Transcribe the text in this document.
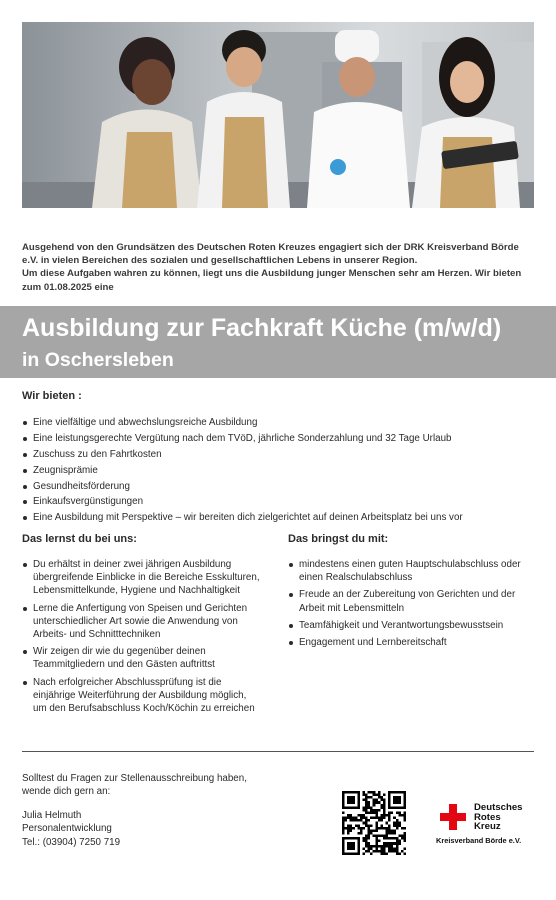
Ausgehend von den Grundsätzen des Deutschen Roten Kreuzes engagiert sich der DRK Kreisverband Börde e.V. in vielen Bereichen des sozialen und gesellschaftlichen Lebens in unserer Region.

Um diese Aufgaben wahren zu können, liegt uns die Ausbildung junger Menschen sehr am Herzen. Wir bieten zum 01.08.2025 eine

Ausbildung zur Fachkraft Küche (m/w/d)
in Oschersleben
Wir bieten :
Eine vielfältige und abwechslungsreiche Ausbildung
Eine leistungsgerechte Vergütung nach dem TVöD, jährliche Sonderzahlung und 32 Tage Urlaub
Zuschuss zu den Fahrtkosten
Zeugnisprämie
Gesundheitsförderung
Einkaufsvergünstigungen
Eine Ausbildung mit Perspektive – wir bereiten dich zielgerichtet auf deinen Arbeitsplatz bei uns vor
Das lernst du bei uns:
Du erhältst in deiner zwei jährigen Ausbildung übergreifende Einblicke in die Bereiche Esskulturen, Lebensmittelkunde, Hygiene und Nachhaltigkeit
Lerne die Anfertigung von Speisen und Gerichten unterschiedlicher Art sowie die Anwendung von Arbeits- und Schnitttechniken
Wir zeigen dir wie du gegenüber deinen Teammitgliedern und den Gästen auftrittst
Nach erfolgreicher Abschlussprüfung ist die einjährige Weiterführung der Ausbildung möglich, um den Berufsabschluss Koch/Köchin zu erreichen
Das bringst du mit:
mindestens einen guten Hauptschulabschluss oder einen Realschulabschluss
Freude an der Zubereitung von Gerichten und der Arbeit mit Lebensmitteln
Teamfähigkeit und Verantwortungsbewusstsein
Engagement und Lernbereitschaft
Solltest du Fragen zur Stellenausschreibung haben,
wende dich gern an:
Julia Helmuth
Personalentwicklung
Tel.: (03904) 7250 719
Deutsches
Rotes
Kreuz
Kreisverband Börde e.V.
